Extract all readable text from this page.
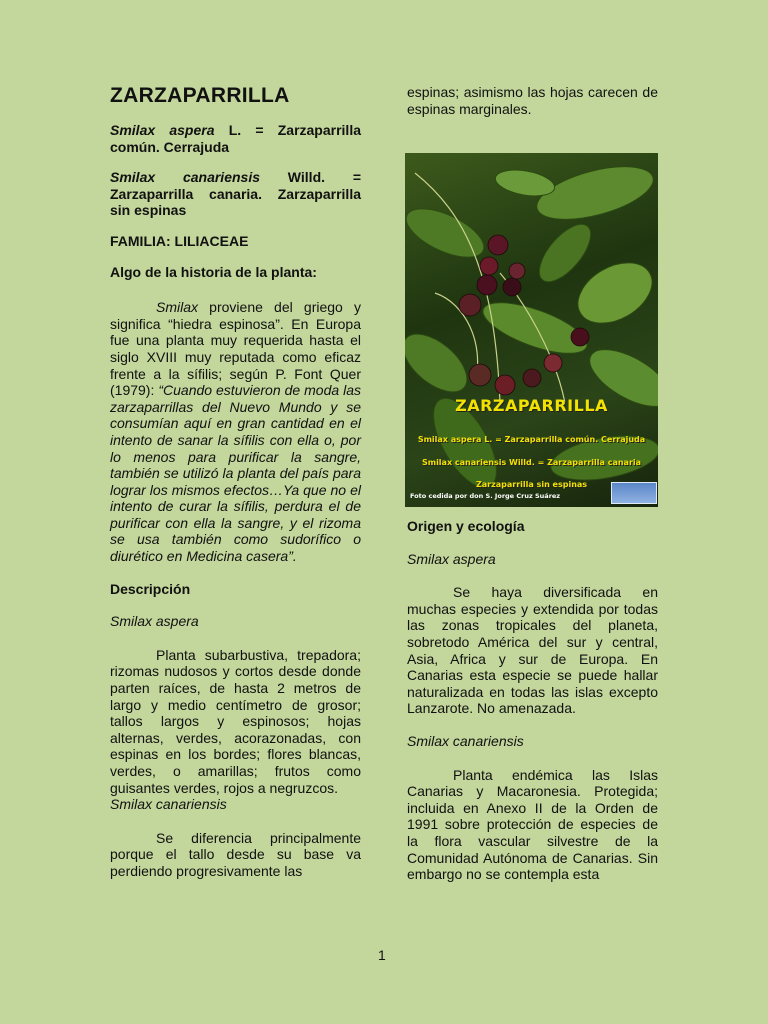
ZARZAPARRILLA

Smilax aspera L. = Zarzaparrilla común. Cerrajuda

Smilax canariensis Willd. = Zarzaparrilla canaria. Zarzaparrilla sin espinas

FAMILIA: LILIACEAE

Algo de la historia de la planta:

Smilax proviene del griego y significa “hiedra espinosa”. En Europa fue una planta muy requerida hasta el siglo XVIII muy reputada como eficaz frente a la sífilis; según P. Font Quer (1979): “Cuando estuvieron de moda las zarzaparrillas del Nuevo Mundo y se consumían aquí en gran cantidad en el intento de sanar la sífilis con ella o, por lo menos para purificar la sangre, también se utilizó la planta del país para lograr los mismos efectos…Ya que no el intento de curar la sífilis, perdura el de purificar con ella la sangre, y el rizoma se usa también como sudorífico o diurético en Medicina casera”.

Descripción

Smilax aspera

Planta subarbustiva, trepadora; rizomas nudosos y cortos desde donde parten raíces, de hasta 2 metros de largo y medio centímetro de grosor; tallos largos y espinosos; hojas alternas, verdes, acorazonadas, con espinas en los bordes; flores blancas, verdes, o amarillas; frutos como guisantes verdes, rojos a negruzcos.

Smilax canariensis

Se diferencia principalmente porque el tallo desde su base va perdiendo progresivamente las

espinas; asimismo las hojas carecen de espinas marginales.

ZARZAPARRILLA
Smilax aspera L. = Zarzaparrilla común. Cerrajuda
Smilax canariensis Willd. = Zarzaparrilla canaria
Zarzaparrilla sin espinas
Foto cedida por don S. Jorge Cruz Suárez

Origen y ecología

Smilax aspera

Se haya diversificada en muchas especies y extendida por todas las zonas tropicales del planeta, sobretodo América del sur y central, Asia, Africa y sur de Europa. En Canarias esta especie se puede hallar naturalizada en todas las islas excepto Lanzarote. No amenazada.

Smilax canariensis

Planta endémica las Islas Canarias y Macaronesia. Protegida; incluida en Anexo II de la Orden de 1991 sobre protección de especies de la flora vascular silvestre de la Comunidad Autónoma de Canarias. Sin embargo no se contempla esta

1
